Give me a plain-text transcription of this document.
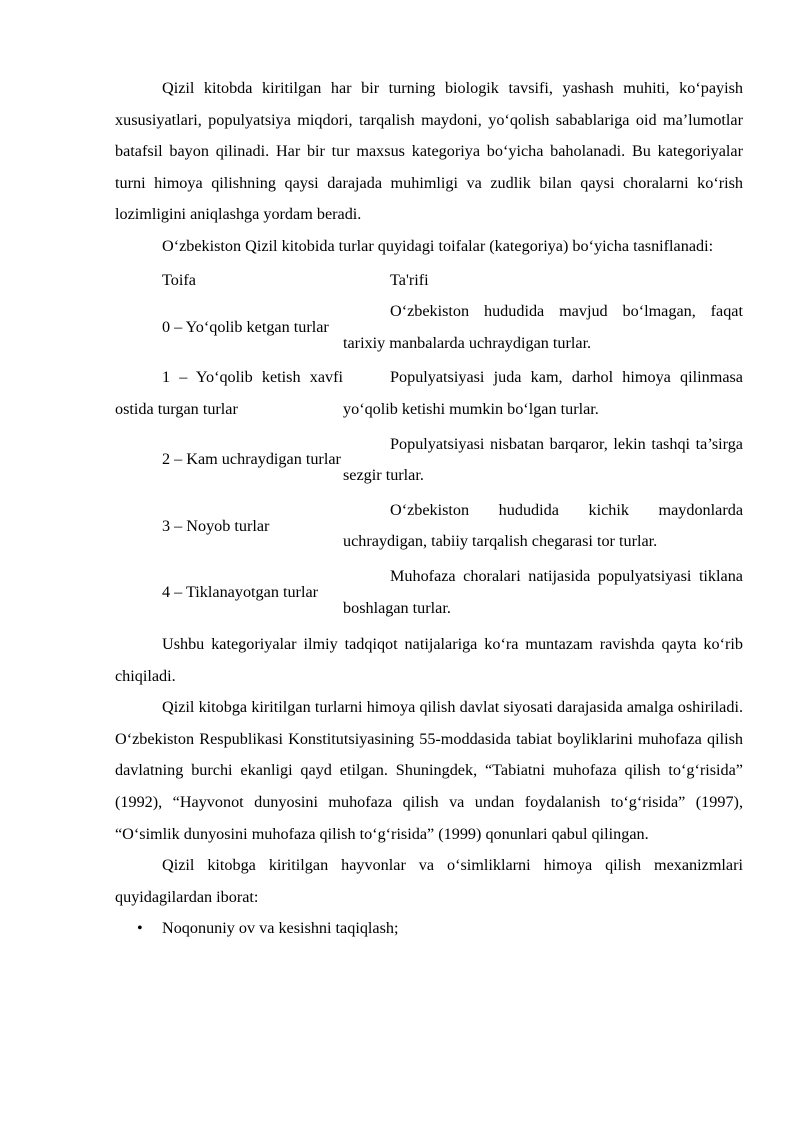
Qizil kitobda kiritilgan har bir turning biologik tavsifi, yashash muhiti, ko‘payish xususiyatlari, populyatsiya miqdori, tarqalish maydoni, yo‘qolish sabablariga oid ma’lumotlar batafsil bayon qilinadi. Har bir tur maxsus kategoriya bo‘yicha baholanadi. Bu kategoriyalar turni himoya qilishning qaysi darajada muhimligi va zudlik bilan qaysi choralarni ko‘rish lozimligini aniqlashga yordam beradi.

O‘zbekiston Qizil kitobida turlar quyidagi toifalar (kategoriya) bo‘yicha tasniflanadi:

Toifa	Ta'rifi

0 – Yo‘qolib ketgan turlar	O‘zbekiston hududida mavjud bo‘lmagan, faqat tarixiy manbalarda uchraydigan turlar.

1 – Yo‘qolib ketish xavfi ostida turgan turlar	Populyatsiyasi juda kam, darhol himoya qilinmasa yo‘qolib ketishi mumkin bo‘lgan turlar.

2 – Kam uchraydigan turlar	Populyatsiyasi nisbatan barqaror, lekin tashqi ta’sirga sezgir turlar.

3 – Noyob turlar	O‘zbekiston hududida kichik maydonlarda uchraydigan, tabiiy tarqalish chegarasi tor turlar.

4 – Tiklanayotgan turlar	Muhofaza choralari natijasida populyatsiyasi tiklana boshlagan turlar.

Ushbu kategoriyalar ilmiy tadqiqot natijalariga ko‘ra muntazam ravishda qayta ko‘rib chiqiladi.

Qizil kitobga kiritilgan turlarni himoya qilish davlat siyosati darajasida amalga oshiriladi. O‘zbekiston Respublikasi Konstitutsiyasining 55-moddasida tabiat boyliklarini muhofaza qilish davlatning burchi ekanligi qayd etilgan. Shuningdek, “Tabiatni muhofaza qilish to‘g‘risida” (1992), “Hayvonot dunyosini muhofaza qilish va undan foydalanish to‘g‘risida” (1997), “O‘simlik dunyosini muhofaza qilish to‘g‘risida” (1999) qonunlari qabul qilingan.

Qizil kitobga kiritilgan hayvonlar va o‘simliklarni himoya qilish mexanizmlari quyidagilardan iborat:

• Noqonuniy ov va kesishni taqiqlash;
